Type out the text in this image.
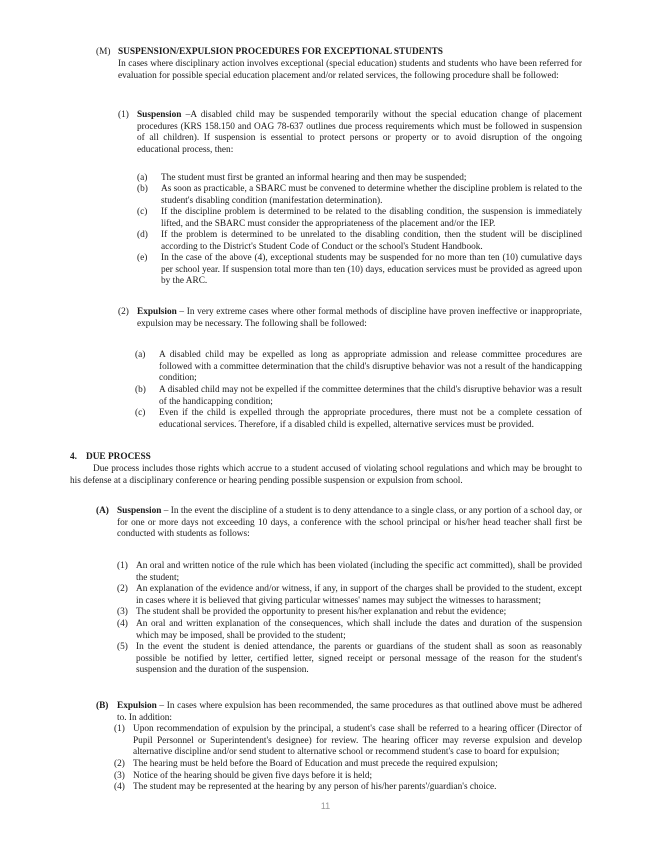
(M) SUSPENSION/EXPULSION PROCEDURES FOR EXCEPTIONAL STUDENTS
In cases where disciplinary action involves exceptional (special education) students and students who have been referred for evaluation for possible special education placement and/or related services, the following procedure shall be followed:
(1) Suspension –A disabled child may be suspended temporarily without the special education change of placement procedures (KRS 158.150 and OAG 78-637 outlines due process requirements which must be followed in suspension of all children). If suspension is essential to protect persons or property or to avoid disruption of the ongoing educational process, then:
(a) The student must first be granted an informal hearing and then may be suspended;
(b) As soon as practicable, a SBARC must be convened to determine whether the discipline problem is related to the student's disabling condition (manifestation determination).
(c) If the discipline problem is determined to be related to the disabling condition, the suspension is immediately lifted, and the SBARC must consider the appropriateness of the placement and/or the IEP.
(d) If the problem is determined to be unrelated to the disabling condition, then the student will be disciplined according to the District's Student Code of Conduct or the school's Student Handbook.
(e) In the case of the above (4), exceptional students may be suspended for no more than ten (10) cumulative days per school year. If suspension total more than ten (10) days, education services must be provided as agreed upon by the ARC.
(2) Expulsion – In very extreme cases where other formal methods of discipline have proven ineffective or inappropriate, expulsion may be necessary. The following shall be followed:
(a) A disabled child may be expelled as long as appropriate admission and release committee procedures are followed with a committee determination that the child's disruptive behavior was not a result of the handicapping condition;
(b) A disabled child may not be expelled if the committee determines that the child's disruptive behavior was a result of the handicapping condition;
(c) Even if the child is expelled through the appropriate procedures, there must not be a complete cessation of educational services. Therefore, if a disabled child is expelled, alternative services must be provided.
4. DUE PROCESS
Due process includes those rights which accrue to a student accused of violating school regulations and which may be brought to his defense at a disciplinary conference or hearing pending possible suspension or expulsion from school.
(A) Suspension – In the event the discipline of a student is to deny attendance to a single class, or any portion of a school day, or for one or more days not exceeding 10 days, a conference with the school principal or his/her head teacher shall first be conducted with students as follows:
(1) An oral and written notice of the rule which has been violated (including the specific act committed), shall be provided the student;
(2) An explanation of the evidence and/or witness, if any, in support of the charges shall be provided to the student, except in cases where it is believed that giving particular witnesses' names may subject the witnesses to harassment;
(3) The student shall be provided the opportunity to present his/her explanation and rebut the evidence;
(4) An oral and written explanation of the consequences, which shall include the dates and duration of the suspension which may be imposed, shall be provided to the student;
(5) In the event the student is denied attendance, the parents or guardians of the student shall as soon as reasonably possible be notified by letter, certified letter, signed receipt or personal message of the reason for the student's suspension and the duration of the suspension.
(B) Expulsion – In cases where expulsion has been recommended, the same procedures as that outlined above must be adhered to. In addition:
(1) Upon recommendation of expulsion by the principal, a student's case shall be referred to a hearing officer (Director of Pupil Personnel or Superintendent's designee) for review. The hearing officer may reverse expulsion and develop alternative discipline and/or send student to alternative school or recommend student's case to board for expulsion;
(2) The hearing must be held before the Board of Education and must precede the required expulsion;
(3) Notice of the hearing should be given five days before it is held;
(4) The student may be represented at the hearing by any person of his/her parents'/guardian's choice.
11
